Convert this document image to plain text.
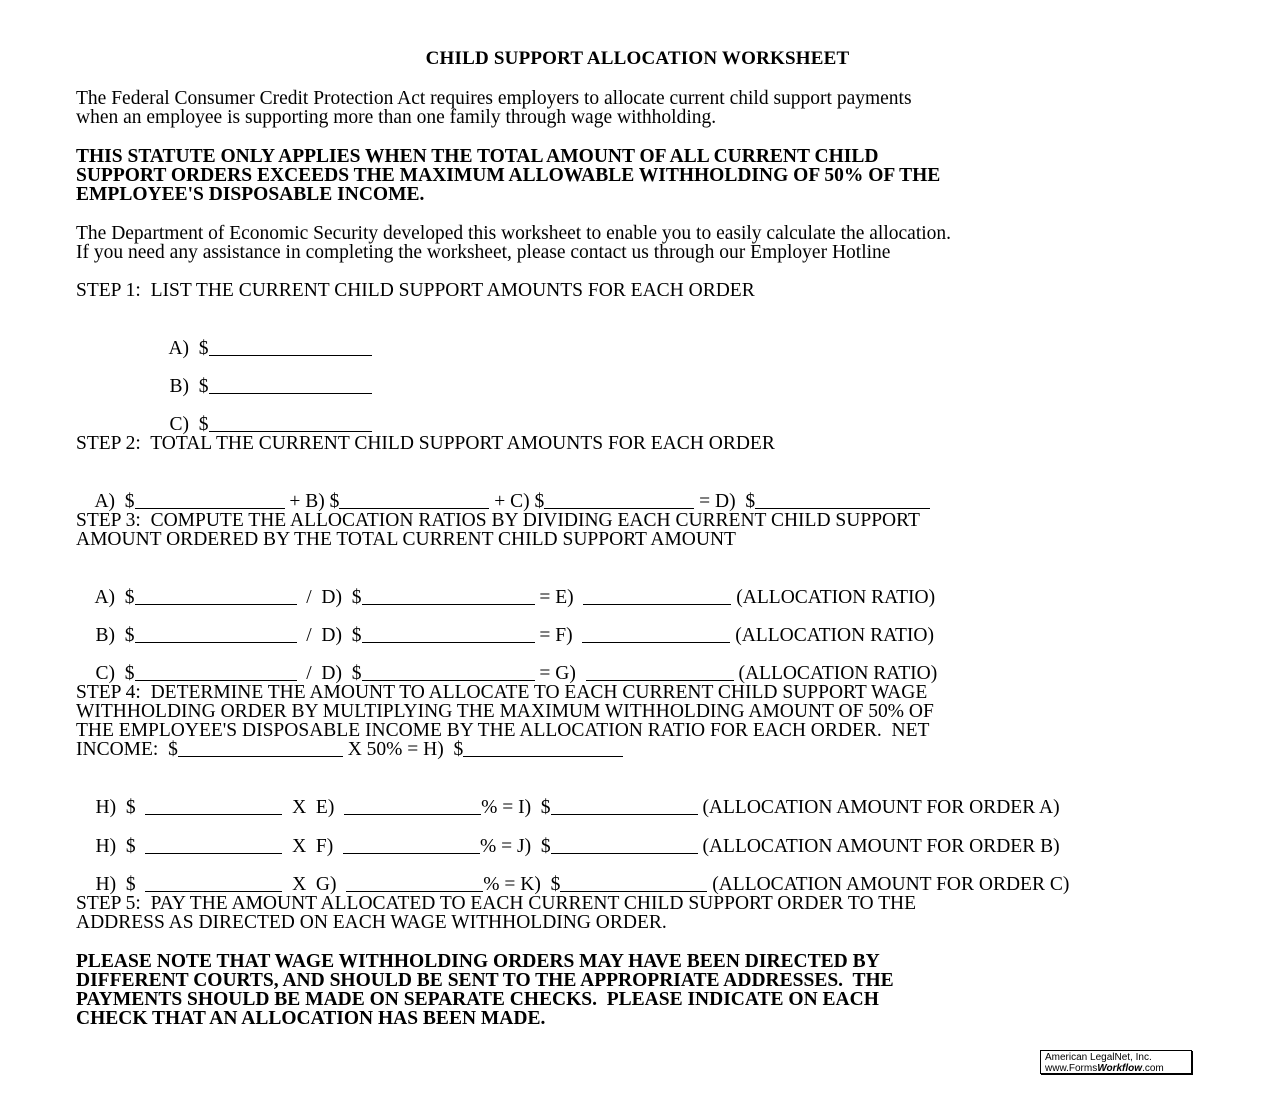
CHILD SUPPORT ALLOCATION WORKSHEET
The Federal Consumer Credit Protection Act requires employers to allocate current child support payments
when an employee is supporting more than one family through wage withholding.
THIS STATUTE ONLY APPLIES WHEN THE TOTAL AMOUNT OF ALL CURRENT CHILD
SUPPORT ORDERS EXCEEDS THE MAXIMUM ALLOWABLE WITHHOLDING OF 50% OF THE
EMPLOYEE'S DISPOSABLE INCOME.
The Department of Economic Security developed this worksheet to enable you to easily calculate the allocation.
If you need any assistance in completing the worksheet, please contact us through our Employer Hotline
STEP 1:  LIST THE CURRENT CHILD SUPPORT AMOUNTS FOR EACH ORDER

A)  $

B)  $

C)  $

STEP 2:  TOTAL THE CURRENT CHILD SUPPORT AMOUNTS FOR EACH ORDER

A)  $	+ B) $	+ C) $	= D)  $

STEP 3:  COMPUTE THE ALLOCATION RATIOS BY DIVIDING EACH CURRENT CHILD SUPPORT
AMOUNT ORDERED BY THE TOTAL CURRENT CHILD SUPPORT AMOUNT

A)  $	/  D)  $	= E)	(ALLOCATION RATIO)

B)  $	/  D)  $	= F)	(ALLOCATION RATIO)

C)  $	/  D)  $	= G)	(ALLOCATION RATIO)

STEP 4:  DETERMINE THE AMOUNT TO ALLOCATE TO EACH CURRENT CHILD SUPPORT WAGE
WITHHOLDING ORDER BY MULTIPLYING THE MAXIMUM WITHHOLDING AMOUNT OF 50% OF
THE EMPLOYEE'S DISPOSABLE INCOME BY THE ALLOCATION RATIO FOR EACH ORDER.  NET
INCOME:  $	X 50% = H)  $

H)  $	X  E)	% = I)  $	(ALLOCATION AMOUNT FOR ORDER A)

H)  $	X  F)	% = J)  $	(ALLOCATION AMOUNT FOR ORDER B)

H)  $	X  G)	% = K)  $	(ALLOCATION AMOUNT FOR ORDER C)

STEP 5:  PAY THE AMOUNT ALLOCATED TO EACH CURRENT CHILD SUPPORT ORDER TO THE
ADDRESS AS DIRECTED ON EACH WAGE WITHHOLDING ORDER.
PLEASE NOTE THAT WAGE WITHHOLDING ORDERS MAY HAVE BEEN DIRECTED BY
DIFFERENT COURTS, AND SHOULD BE SENT TO THE APPROPRIATE ADDRESSES.  THE
PAYMENTS SHOULD BE MADE ON SEPARATE CHECKS.  PLEASE INDICATE ON EACH
CHECK THAT AN ALLOCATION HAS BEEN MADE.
American LegalNet, Inc.
www.FormsWorkflow.com
